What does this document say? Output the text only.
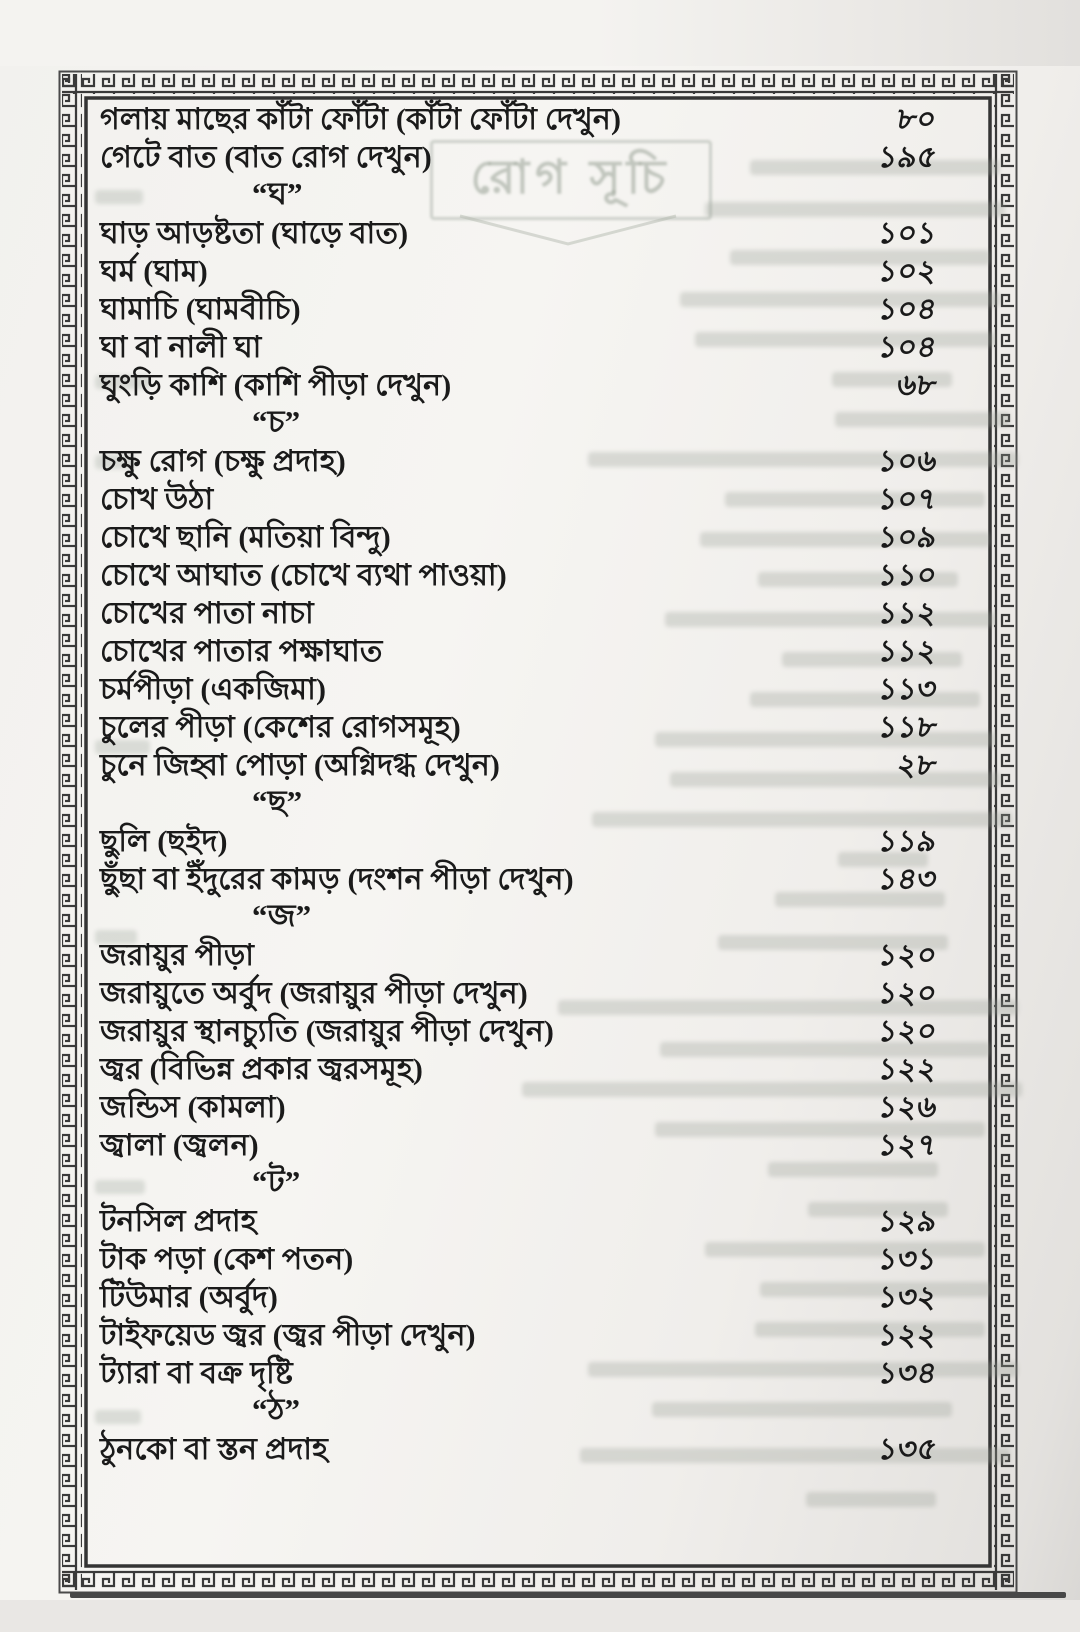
রোগ সূচি
গলায় মাছের কাঁটা ফোঁটা (কাঁটা ফোঁটা দেখুন)	৮০
গেটে বাত (বাত রোগ দেখুন)	১৯৫
“ঘ”
ঘাড় আড়ষ্টতা (ঘাড়ে বাত)	১০১
ঘর্ম (ঘাম)	১০২
ঘামাচি (ঘামবীচি)	১০৪
ঘা বা নালী ঘা	১০৪
ঘুংড়ি কাশি (কাশি পীড়া দেখুন)	৬৮
“চ”
চক্ষু রোগ (চক্ষু প্রদাহ)	১০৬
চোখ উঠা	১০৭
চোখে ছানি (মতিয়া বিন্দু)	১০৯
চোখে আঘাত (চোখে ব্যথা পাওয়া)	১১০
চোখের পাতা নাচা	১১২
চোখের পাতার পক্ষাঘাত	১১২
চর্মপীড়া (একজিমা)	১১৩
চুলের পীড়া (কেশের রোগসমূহ)	১১৮
চুনে জিহ্বা পোড়া (অগ্নিদগ্ধ দেখুন)	২৮
“ছ”
ছুলি (ছইদ)	১১৯
ছুঁছা বা ইঁদুরের কামড় (দংশন পীড়া দেখুন)	১৪৩
“জ”
জরায়ুর পীড়া	১২০
জরায়ুতে অর্বুদ (জরায়ুর পীড়া দেখুন)	১২০
জরায়ুর স্থানচ্যুতি (জরায়ুর পীড়া দেখুন)	১২০
জ্বর (বিভিন্ন প্রকার জ্বরসমূহ)	১২২
জন্ডিস (কামলা)	১২৬
জ্বালা (জ্বলন)	১২৭
“ট”
টনসিল প্রদাহ	১২৯
টাক পড়া (কেশ পতন)	১৩১
টিউমার (অর্বুদ)	১৩২
টাইফয়েড জ্বর (জ্বর পীড়া দেখুন)	১২২
ট্যারা বা বক্র দৃষ্টি	১৩৪
“ঠ”
ঠুনকো বা স্তন প্রদাহ	১৩৫
